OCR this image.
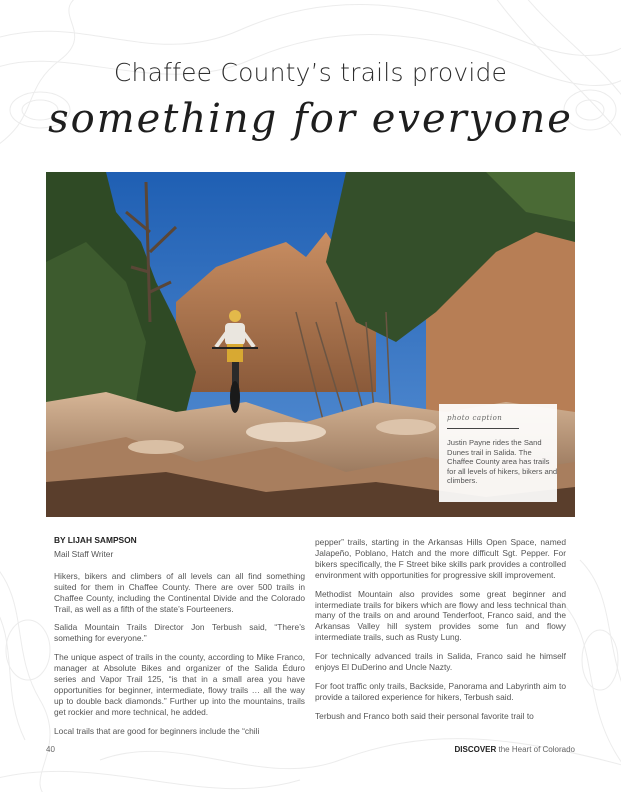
Chaffee County’s trails provide
something for everyone
photo caption
Justin Payne rides the Sand Dunes trail in Salida. The Chaffee County area has trails for all levels of hikers, bikers and climbers.

BY LIJAH SAMPSON

Mail Staff Writer

Hikers, bikers and climbers of all levels can all find something suited for them in Chaffee County. There are over 500 trails in Chaffee County, including the Continental Divide and the Colorado Trail, as well as a fifth of the state’s Fourteeners.

Salida Mountain Trails Director Jon Terbush said, “There’s something for everyone.”

The unique aspect of trails in the county, according to Mike Franco, manager at Absolute Bikes and organizer of the Salida Éduro series and Vapor Trail 125, “is that in a small area you have opportunities for beginner, intermediate, flowy trails … all the way up to double back diamonds.” Further up into the mountains, trails get rockier and more technical, he added.

Local trails that are good for beginners include the “chili

pepper” trails, starting in the Arkansas Hills Open Space, named Jalapeño, Poblano, Hatch and the more difficult Sgt. Pepper. For bikers specifically, the F Street bike skills park provides a controlled environment with opportunities for progressive skill improvement.

Methodist Mountain also provides some great beginner and intermediate trails for bikers which are flowy and less technical than many of the trails on and around Tenderfoot, Franco said, and the Arkansas Valley hill system provides some fun and flowy intermediate trails, such as Rusty Lung.

For technically advanced trails in Salida, Franco said he himself enjoys El DuDerino and Uncle Nazty.

For foot traffic only trails, Backside, Panorama and Labyrinth aim to provide a tailored experience for hikers, Terbush said.

Terbush and Franco both said their personal favorite trail to

40	DISCOVER the Heart of Colorado
